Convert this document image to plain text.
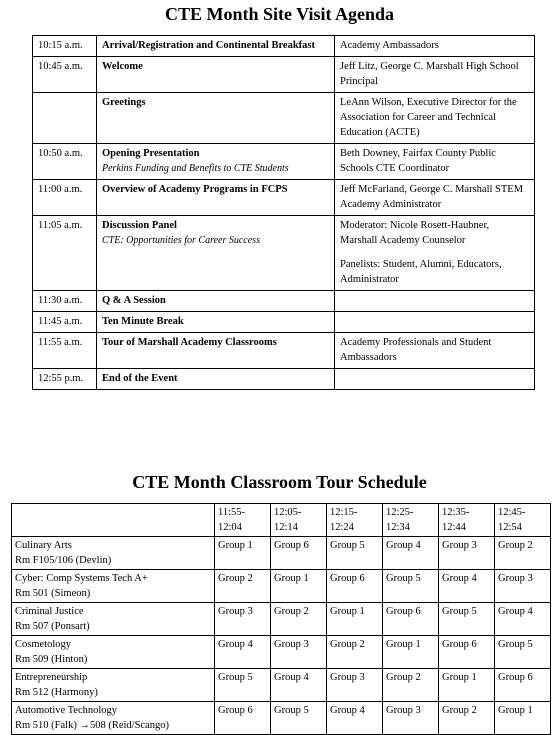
CTE Month Site Visit Agenda
10:15 a.m.	Arrival/Registration and Continental Breakfast	Academy Ambassadors

10:45 a.m.	Welcome	Jeff Litz, George C. Marshall High School Principal

	Greetings	LeAnn Wilson, Executive Director for the Association for Career and Technical Education (ACTE)

10:50 a.m.	Opening Presentation
Perkins Funding and Benefits to CTE Students	Beth Downey, Fairfax County Public Schools CTE Coordinator

11:00 a.m.	Overview of Academy Programs in FCPS	Jeff McFarland, George C. Marshall STEM Academy Administrator

11:05 a.m.	Discussion Panel
CTE: Opportunities for Career Success	Moderator: Nicole Rosett-Haubner, Marshall Academy Counselor
Panelists: Student, Alumni, Educators, Administrator

11:30 a.m.	Q & A Session	

11:45 a.m.	Ten Minute Break	

11:55 a.m.	Tour of Marshall Academy Classrooms	Academy Professionals and Student Ambassadors

12:55 p.m.	End of the Event	

CTE Month Classroom Tour Schedule

	11:55-
12:04	12:05-
12:14	12:15-
12:24	12:25-
12:34	12:35-
12:44	12:45-
12:54

Culinary Arts
Rm F105/106 (Devlin)	Group 1	Group 6	Group 5	Group 4	Group 3	Group 2

Cyber: Comp Systems Tech A+
Rm 501 (Simeon)	Group 2	Group 1	Group 6	Group 5	Group 4	Group 3

Criminal Justice
Rm 507 (Ponsart)	Group 3	Group 2	Group 1	Group 6	Group 5	Group 4

Cosmetology
Rm 509 (Hinton)	Group 4	Group 3	Group 2	Group 1	Group 6	Group 5

Entrepreneurship
Rm 512 (Harmony)	Group 5	Group 4	Group 3	Group 2	Group 1	Group 6

Automotive Technology
Rm 510 (Falk) →508 (Reid/Scango)	Group 6	Group 5	Group 4	Group 3	Group 2	Group 1
